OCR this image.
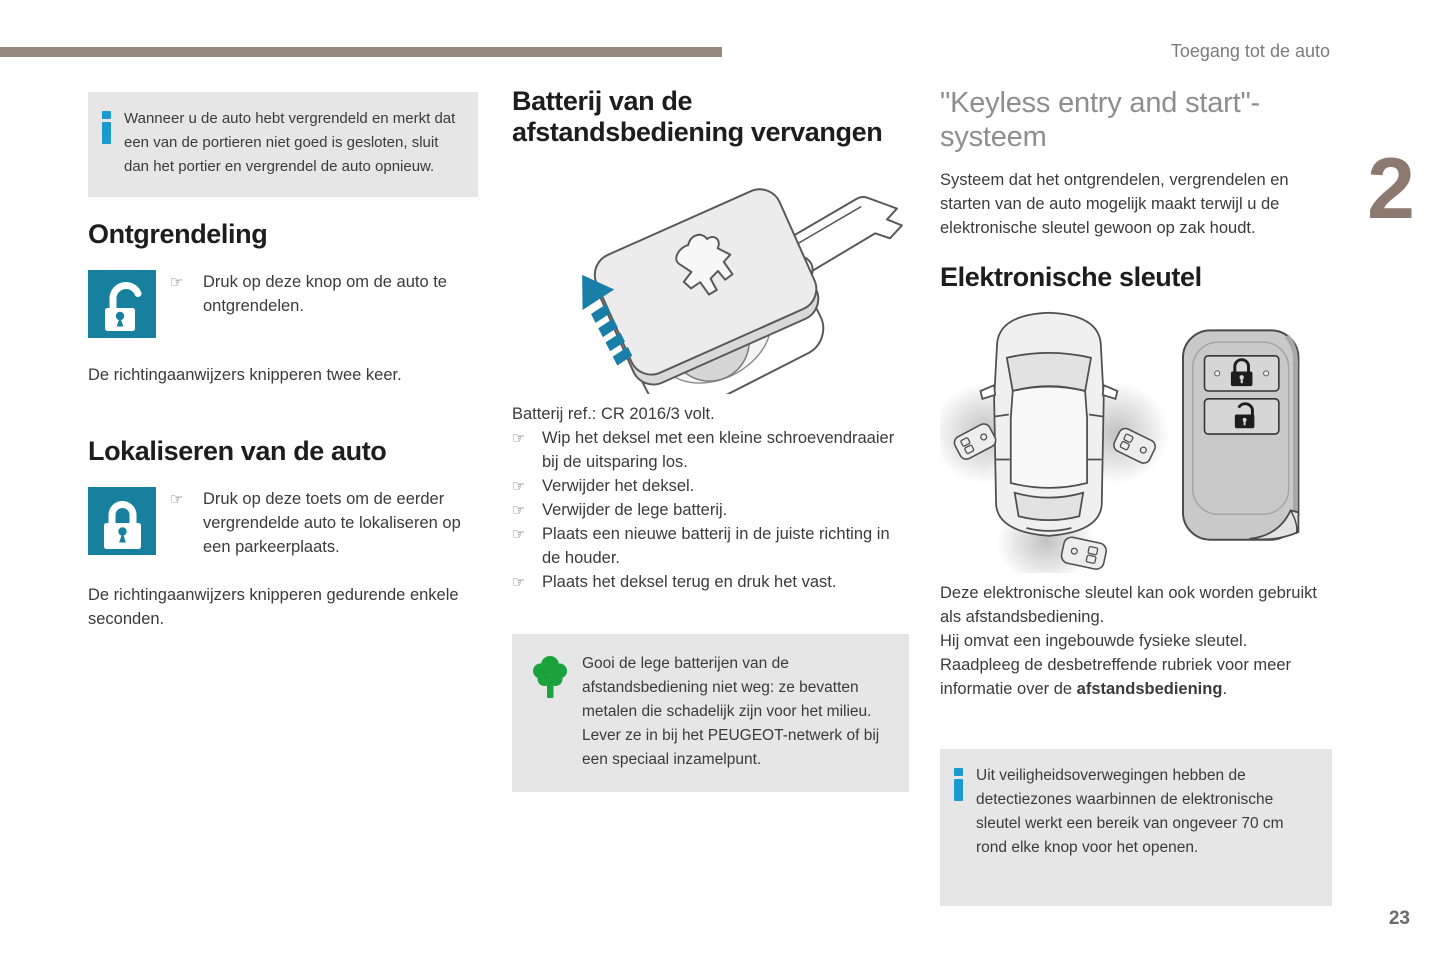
Toegang tot de auto
2
23
Wanneer u de auto hebt vergrendeld en merkt dat een van de portieren niet goed is gesloten, sluit dan het portier en vergrendel de auto opnieuw.
Ontgrendeling
☞	Druk op deze knop om de auto te ontgrendelen.

De richtingaanwijzers knipperen twee keer.

Lokaliseren van de auto
☞	Druk op deze toets om de eerder vergrendelde auto te lokaliseren op een parkeerplaats.

De richtingaanwijzers knipperen gedurende enkele seconden.

Batterij van de
afstandsbediening vervangen

Batterij ref.: CR 2016/3 volt.

☞	Wip het deksel met een kleine schroevendraaier bij de uitsparing los.
☞	Verwijder het deksel.
☞	Verwijder de lege batterij.
☞	Plaats een nieuwe batterij in de juiste richting in de houder.
☞	Plaats het deksel terug en druk het vast.
Gooi de lege batterijen van de afstandsbediening niet weg: ze bevatten metalen die schadelijk zijn voor het milieu. Lever ze in bij het PEUGEOT-netwerk of bij een speciaal inzamelpunt.
"Keyless entry and start"-
systeem

Systeem dat het ontgrendelen, vergrendelen en starten van de auto mogelijk maakt terwijl u de elektronische sleutel gewoon op zak houdt.

Elektronische sleutel
Deze elektronische sleutel kan ook worden gebruikt als afstandsbediening.
Hij omvat een ingebouwde fysieke sleutel.
Raadpleeg de desbetreffende rubriek voor meer informatie over de afstandsbediening.
Uit veiligheidsoverwegingen hebben de detectiezones waarbinnen de elektronische sleutel werkt een bereik van ongeveer 70 cm rond elke knop voor het openen.
